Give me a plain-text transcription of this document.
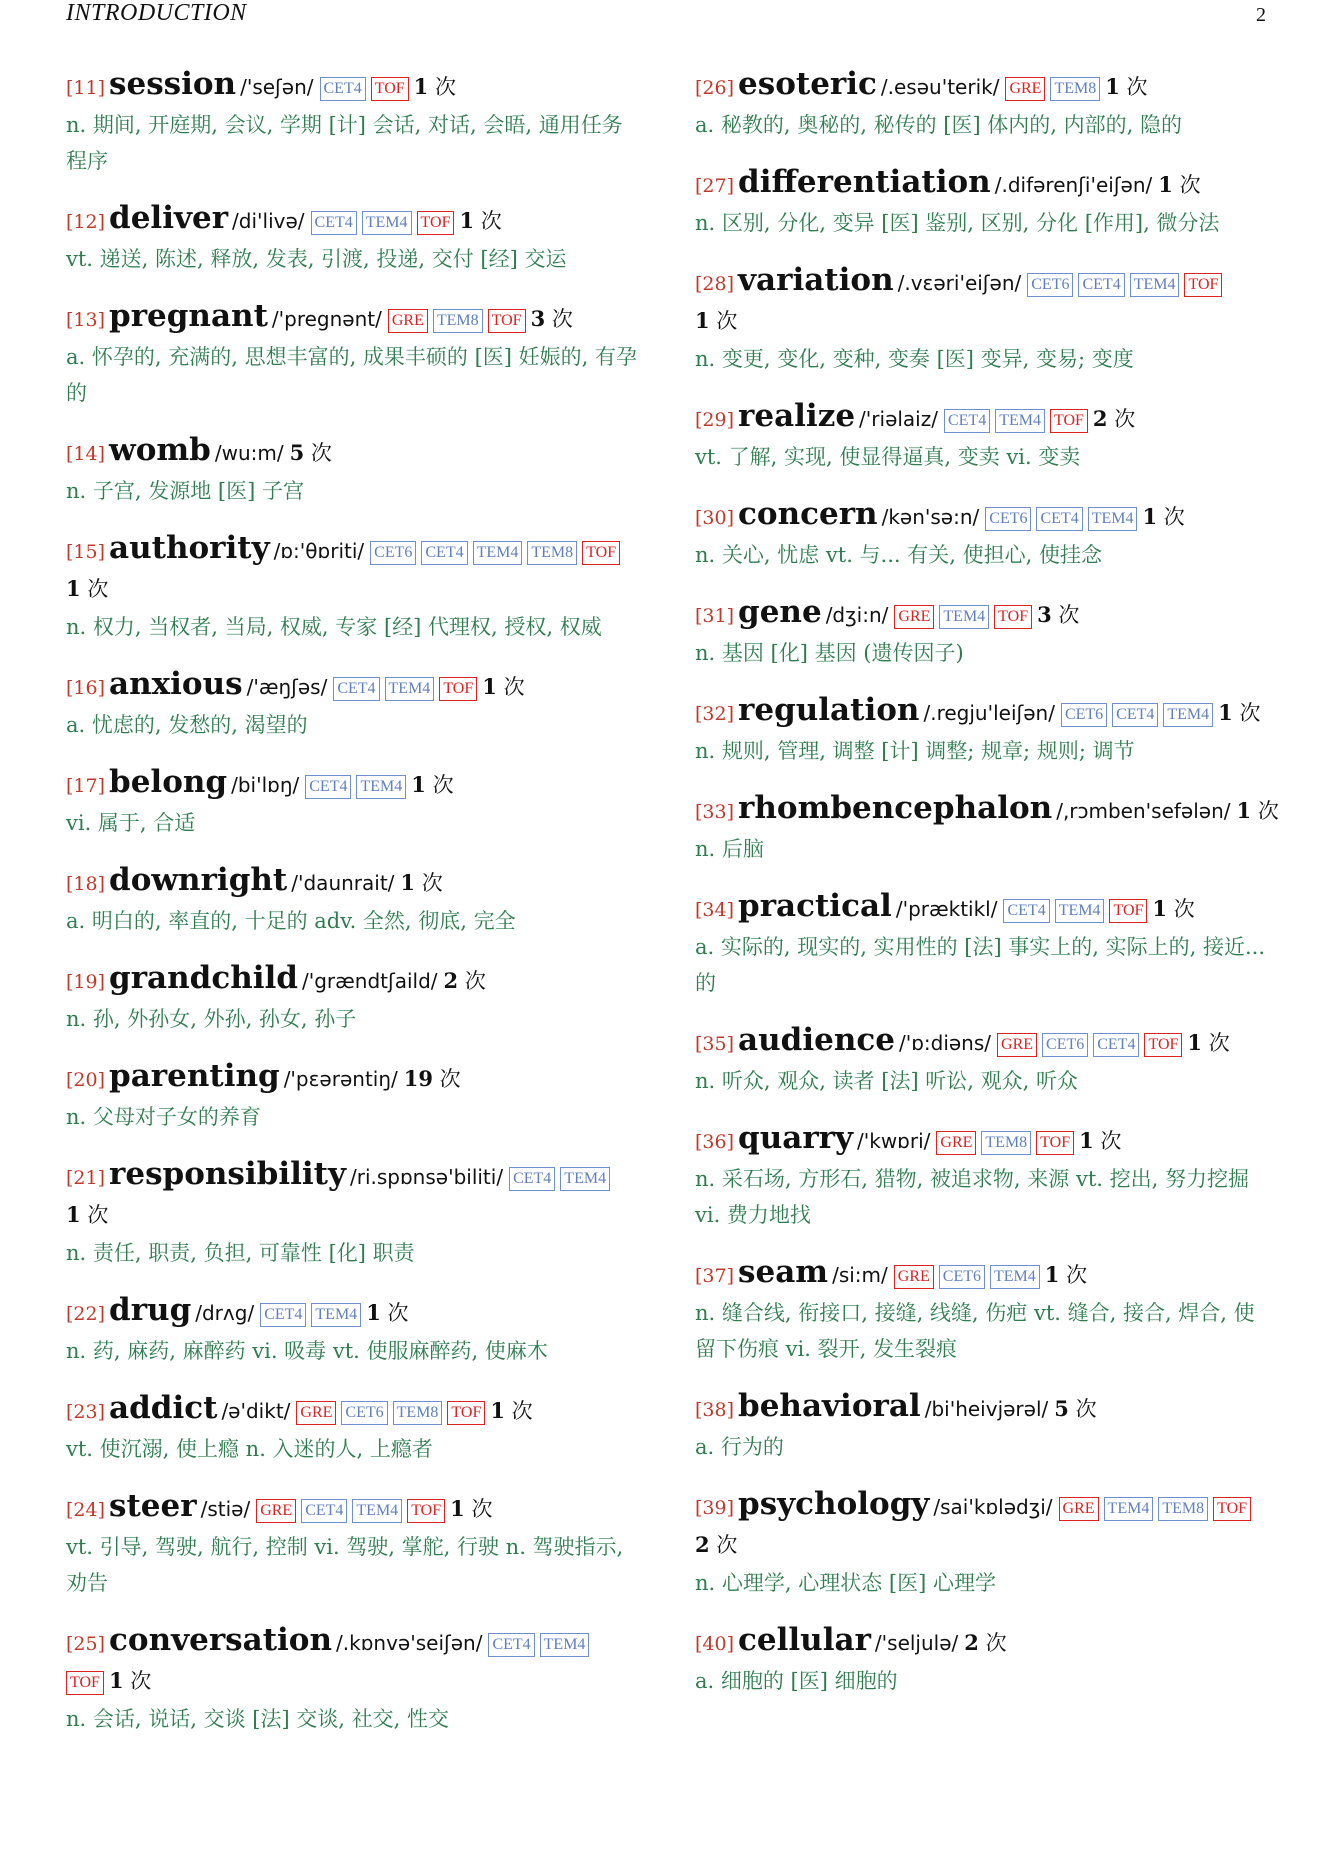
INTRODUCTION	2
[11] session /'seʃən/ CET4 TOF 1 次
n. 期间, 开庭期, 会议, 学期 [计] 会话, 对话, 会晤, 通用任务程序
[12] deliver /di'livə/ CET4 TEM4 TOF 1 次
vt. 递送, 陈述, 释放, 发表, 引渡, 投递, 交付 [经] 交运
[13] pregnant /'pregnənt/ GRE TEM8 TOF 3 次
a. 怀孕的, 充满的, 思想丰富的, 成果丰硕的 [医] 妊娠的, 有孕的
[14] womb /wu:m/ 5 次
n. 子宫, 发源地 [医] 子宫
[15] authority /ɒ:'θɒriti/ CET6 CET4 TEM4 TEM8 TOF1 次
n. 权力, 当权者, 当局, 权威, 专家 [经] 代理权, 授权, 权威
[16] anxious /'æŋʃəs/ CET4 TEM4 TOF 1 次
a. 忧虑的, 发愁的, 渴望的
[17] belong /bi'lɒŋ/ CET4 TEM4 1 次
vi. 属于, 合适
[18] downright /'daunrait/ 1 次
a. 明白的, 率直的, 十足的 adv. 全然, 彻底, 完全
[19] grandchild /'grændtʃaild/ 2 次
n. 孙, 外孙女, 外孙, 孙女, 孙子
[20] parenting /'pɛərəntiŋ/ 19 次
n. 父母对子女的养育
[21] responsibility /ri.spɒnsə'biliti/ CET4 TEM41 次
n. 责任, 职责, 负担, 可靠性 [化] 职责
[22] drug /drʌg/ CET4 TEM4 1 次
n. 药, 麻药, 麻醉药 vi. 吸毒 vt. 使服麻醉药, 使麻木
[23] addict /ə'dikt/ GRE CET6 TEM8 TOF 1 次
vt. 使沉溺, 使上瘾 n. 入迷的人, 上瘾者
[24] steer /stiə/ GRE CET4 TEM4 TOF 1 次
vt. 引导, 驾驶, 航行, 控制 vi. 驾驶, 掌舵, 行驶 n. 驾驶指示, 劝告
[25] conversation /.kɒnvə'seiʃən/ CET4 TEM4TOF 1 次
n. 会话, 说话, 交谈 [法] 交谈, 社交, 性交
[26] esoteric /.esəu'terik/ GRE TEM8 1 次
a. 秘教的, 奥秘的, 秘传的 [医] 体内的, 内部的, 隐的
[27] differentiation /.difərenʃi'eiʃən/ 1 次
n. 区别, 分化, 变异 [医] 鉴别, 区别, 分化 [作用], 微分法
[28] variation /.vɛəri'eiʃən/ CET6 CET4 TEM4 TOF1 次
n. 变更, 变化, 变种, 变奏 [医] 变异, 变易; 变度
[29] realize /'riəlaiz/ CET4 TEM4 TOF 2 次
vt. 了解, 实现, 使显得逼真, 变卖 vi. 变卖
[30] concern /kən'sə:n/ CET6 CET4 TEM4 1 次
n. 关心, 忧虑 vt. 与... 有关, 使担心, 使挂念
[31] gene /dʒi:n/ GRE TEM4 TOF 3 次
n. 基因 [化] 基因 (遗传因子)
[32] regulation /.regju'leiʃən/ CET6 CET4 TEM4 1 次
n. 规则, 管理, 调整 [计] 调整; 规章; 规则; 调节
[33] rhombencephalon /,rɔmben'sefələn/ 1 次
n. 后脑
[34] practical /'præktikl/ CET4 TEM4 TOF 1 次
a. 实际的, 现实的, 实用性的 [法] 事实上的, 实际上的, 接近... 的
[35] audience /'ɒ:diəns/ GRE CET6 CET4 TOF 1 次
n. 听众, 观众, 读者 [法] 听讼, 观众, 听众
[36] quarry /'kwɒri/ GRE TEM8 TOF 1 次
n. 采石场, 方形石, 猎物, 被追求物, 来源 vt. 挖出, 努力挖掘 vi. 费力地找
[37] seam /si:m/ GRE CET6 TEM4 1 次
n. 缝合线, 衔接口, 接缝, 线缝, 伤疤 vt. 缝合, 接合, 焊合, 使留下伤痕 vi. 裂开, 发生裂痕
[38] behavioral /bi'heivjərəl/ 5 次
a. 行为的
[39] psychology /sai'kɒlədʒi/ GRE TEM4 TEM8 TOF2 次
n. 心理学, 心理状态 [医] 心理学
[40] cellular /'seljulə/ 2 次
a. 细胞的 [医] 细胞的
